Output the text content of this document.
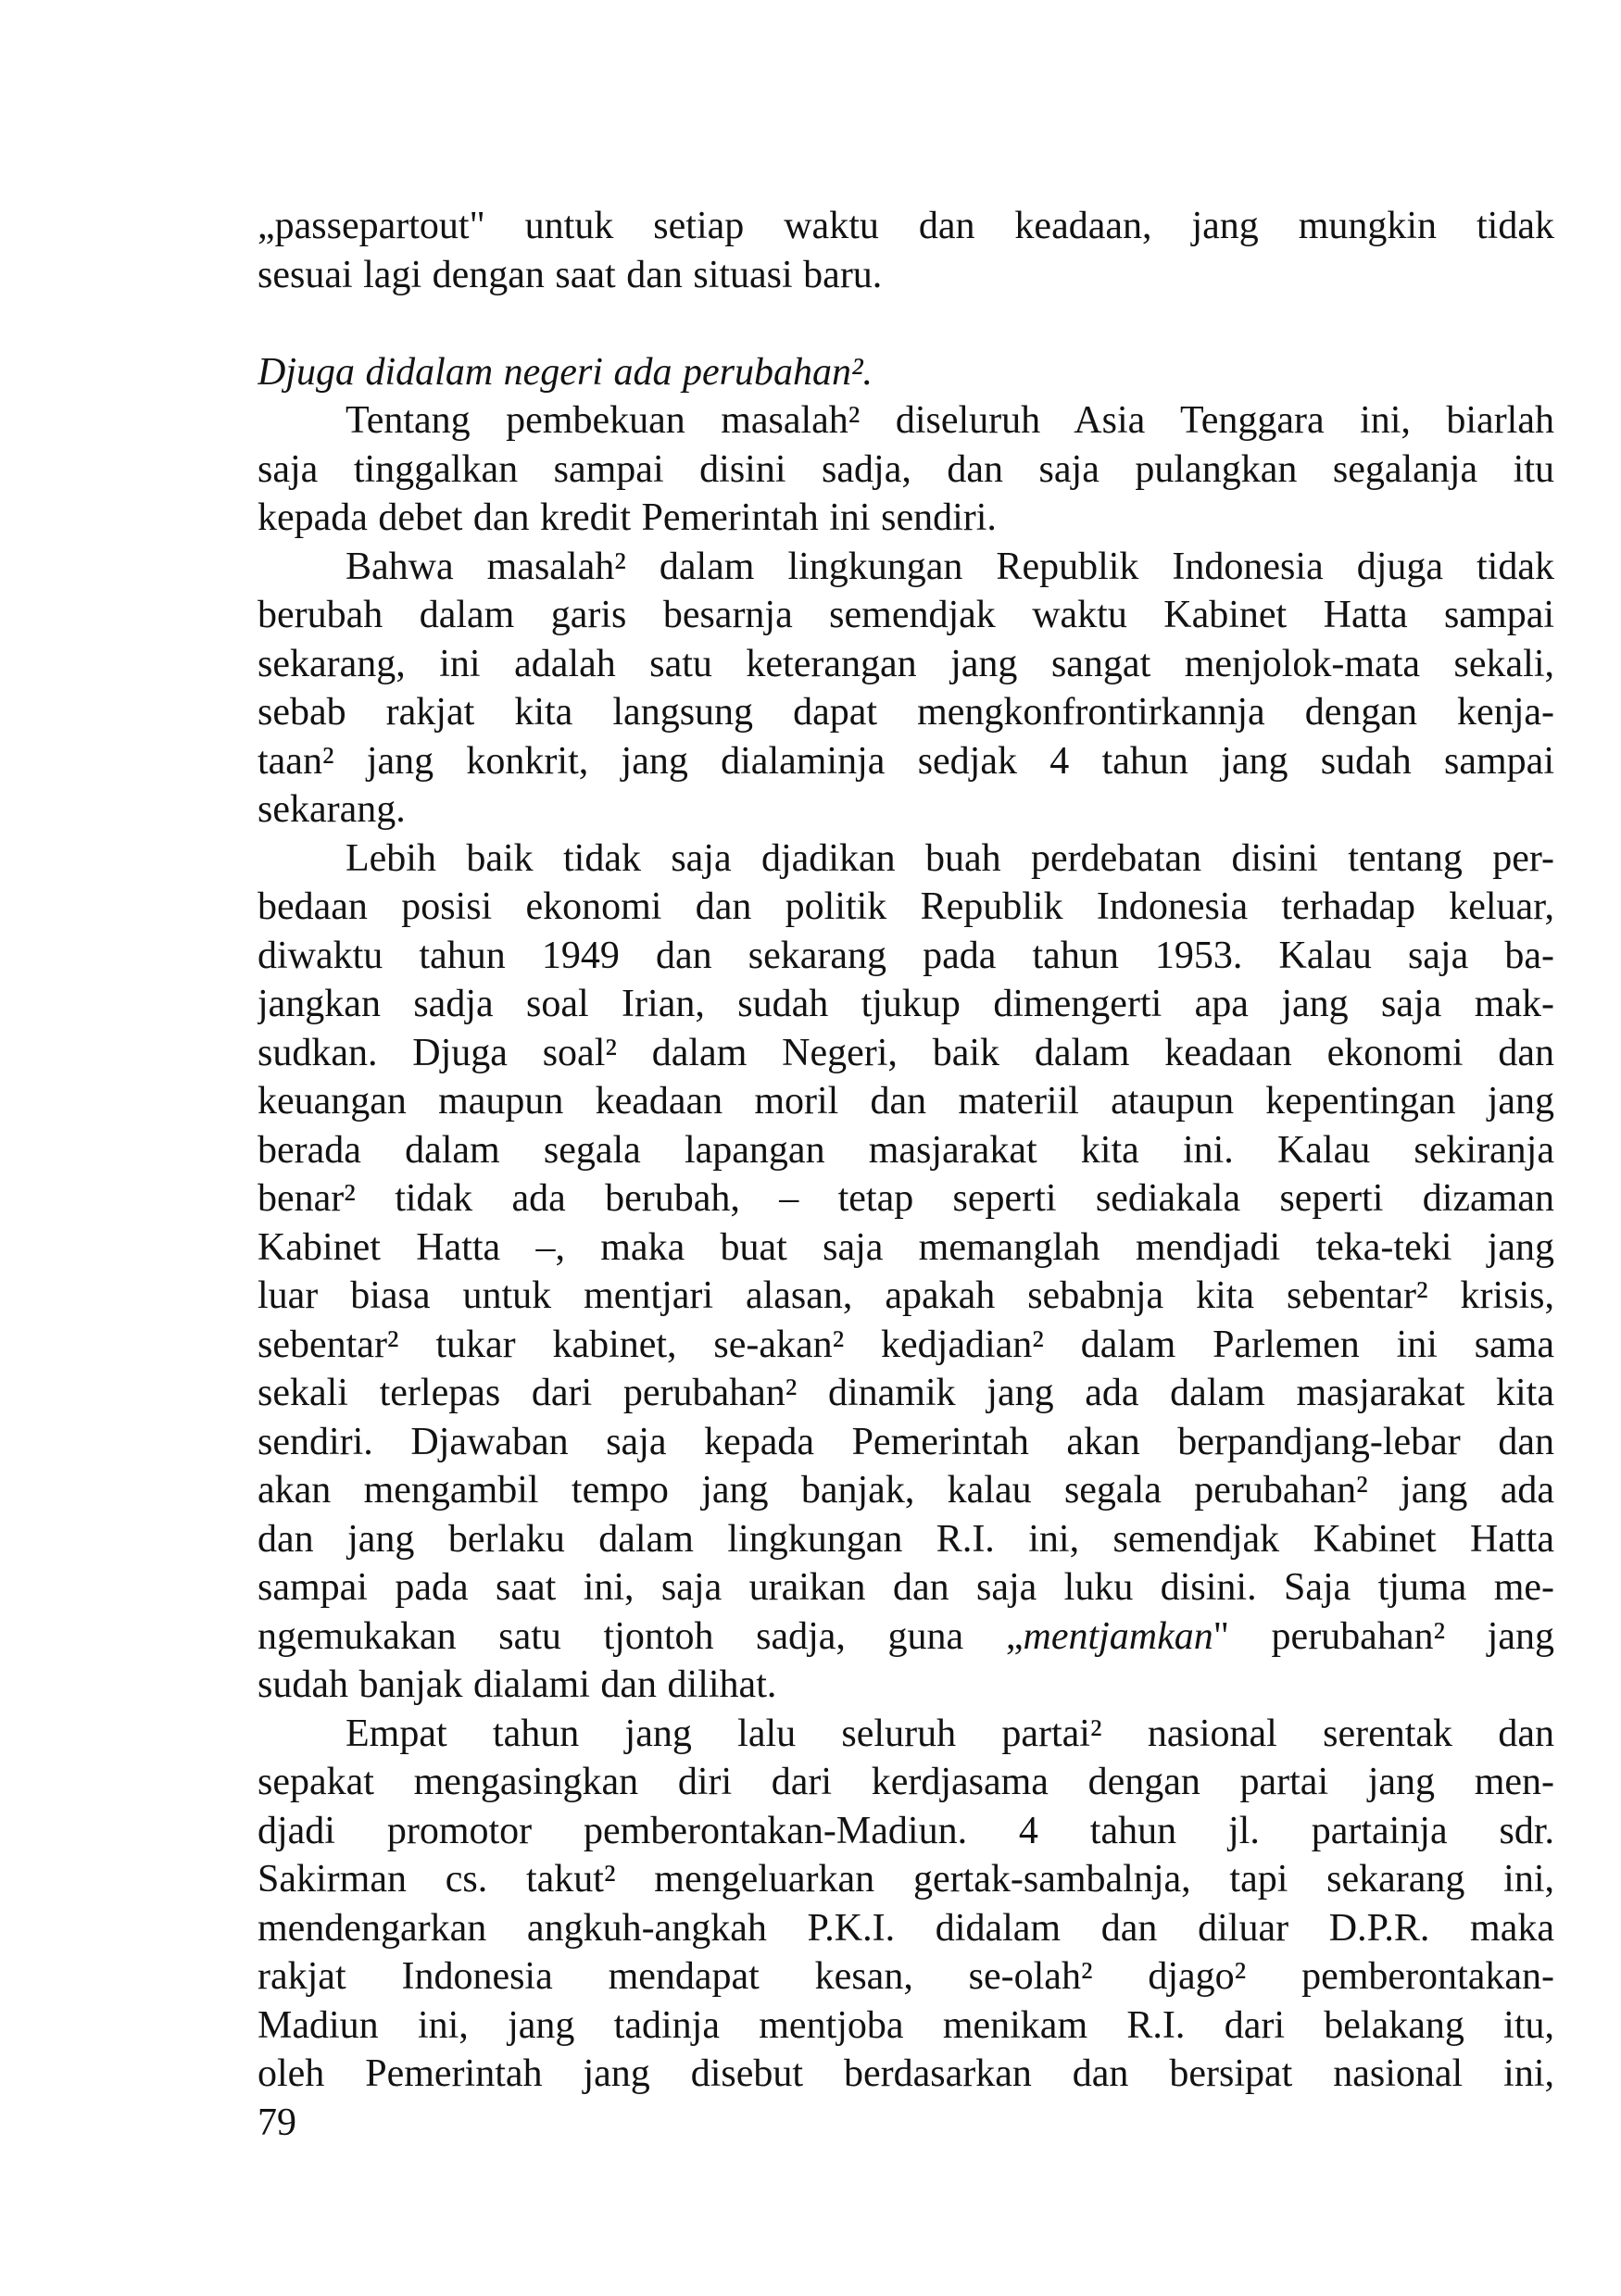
„passepartout" untuk setiap waktu dan keadaan, jang mungkin tidak
sesuai lagi dengan saat dan situasi baru.
Djuga didalam negeri ada perubahan².
Tentang pembekuan masalah² diseluruh Asia Tenggara ini, biarlah
saja tinggalkan sampai disini sadja, dan saja pulangkan segalanja itu
kepada debet dan kredit Pemerintah ini sendiri.
Bahwa masalah² dalam lingkungan Republik Indonesia djuga tidak
berubah dalam garis besarnja semendjak waktu Kabinet Hatta sampai
sekarang, ini adalah satu keterangan jang sangat menjolok-mata sekali,
sebab rakjat kita langsung dapat mengkonfrontirkannja dengan kenja-
taan² jang konkrit, jang dialaminja sedjak 4 tahun jang sudah sampai
sekarang.
Lebih baik tidak saja djadikan buah perdebatan disini tentang per-
bedaan posisi ekonomi dan politik Republik Indonesia terhadap keluar,
diwaktu tahun 1949 dan sekarang pada tahun 1953. Kalau saja ba-
jangkan sadja soal Irian, sudah tjukup dimengerti apa jang saja mak-
sudkan. Djuga soal² dalam Negeri, baik dalam keadaan ekonomi dan
keuangan maupun keadaan moril dan materiil ataupun kepentingan jang
berada dalam segala lapangan masjarakat kita ini. Kalau sekiranja
benar² tidak ada berubah, – tetap seperti sediakala seperti dizaman
Kabinet Hatta –, maka buat saja memanglah mendjadi teka-teki jang
luar biasa untuk mentjari alasan, apakah sebabnja kita sebentar² krisis,
sebentar² tukar kabinet, se-akan² kedjadian² dalam Parlemen ini sama
sekali terlepas dari perubahan² dinamik jang ada dalam masjarakat kita
sendiri. Djawaban saja kepada Pemerintah akan berpandjang-lebar dan
akan mengambil tempo jang banjak, kalau segala perubahan² jang ada
dan jang berlaku dalam lingkungan R.I. ini, semendjak Kabinet Hatta
sampai pada saat ini, saja uraikan dan saja luku disini. Saja tjuma me-
ngemukakan satu tjontoh sadja, guna „mentjamkan" perubahan² jang
sudah banjak dialami dan dilihat.
Empat tahun jang lalu seluruh partai² nasional serentak dan
sepakat mengasingkan diri dari kerdjasama dengan partai jang men-
djadi promotor pemberontakan-Madiun. 4 tahun jl. partainja sdr.
Sakirman cs. takut² mengeluarkan gertak-sambalnja, tapi sekarang ini,
mendengarkan angkuh-angkah P.K.I. didalam dan diluar D.P.R. maka
rakjat Indonesia mendapat kesan, se-olah² djago² pemberontakan-
Madiun ini, jang tadinja mentjoba menikam R.I. dari belakang itu,
oleh Pemerintah jang disebut berdasarkan dan bersipat nasional ini,
79
